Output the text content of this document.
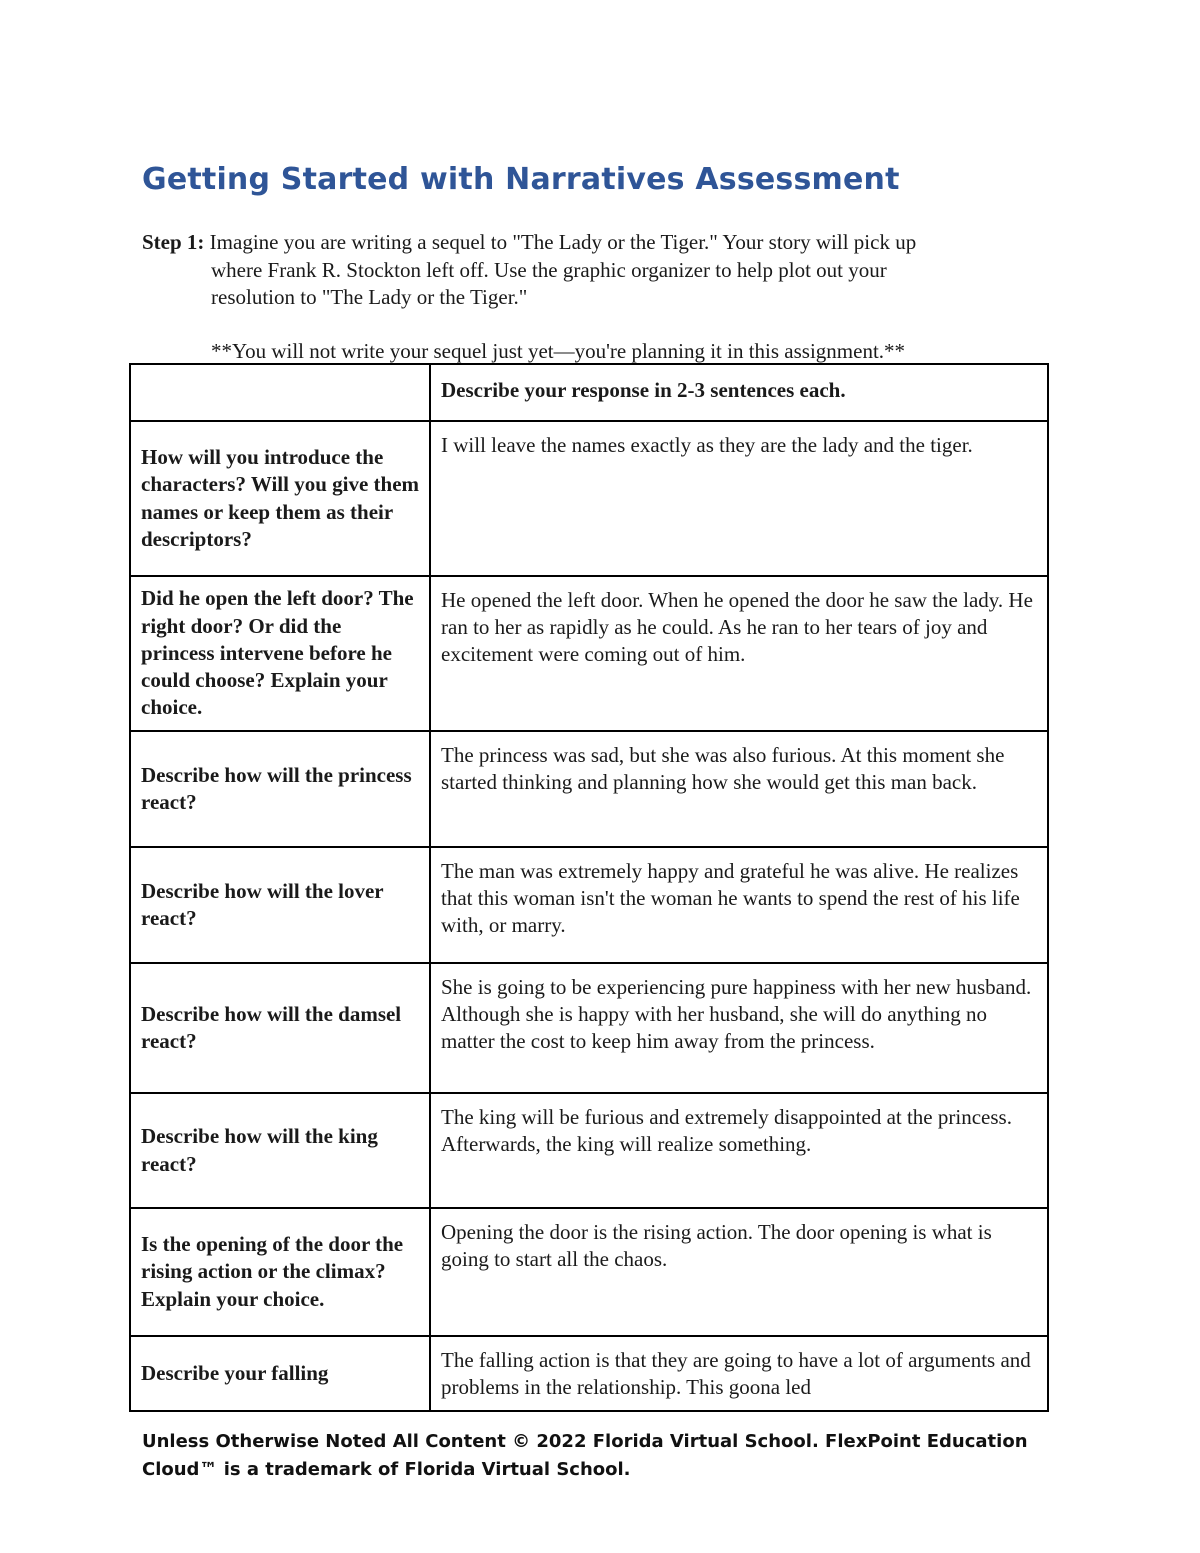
Getting Started with Narratives Assessment
Step 1: Imagine you are writing a sequel to "The Lady or the Tiger." Your story will pick up
where Frank R. Stockton left off. Use the graphic organizer to help plot out your
resolution to "The Lady or the Tiger."
**You will not write your sequel just yet—you're planning it in this assignment.**
	Describe your response in 2-3 sentences each.
How will you introduce the characters? Will you give them names or keep them as their descriptors?	I will leave the names exactly as they are the lady and the tiger.
Did he open the left door? The right door? Or did the princess intervene before he could choose? Explain your choice.	He opened the left door. When he opened the door he saw the lady. He ran to her as rapidly as he could. As he ran to her tears of joy and excitement were coming out of him.
Describe how will the princess react?	The princess was sad, but she was also furious. At this moment she started thinking and planning how she would get this man back.
Describe how will the lover react?	The man was extremely happy and grateful he was alive. He realizes that this woman isn't the woman he wants to spend the rest of his life with, or marry.
Describe how will the damsel react?	She is going to be experiencing pure happiness with her new husband. Although she is happy with her husband, she will do anything no matter the cost to keep him away from the princess.
Describe how will the king react?	The king will be furious and extremely disappointed at the princess. Afterwards, the king will realize something.
Is the opening of the door the rising action or the climax? Explain your choice.	Opening the door is the rising action. The door opening is what is going to start all the chaos.
Describe your falling	The falling action is that they are going to have a lot of arguments and problems in the relationship. This goona led
Unless Otherwise Noted All Content © 2022 Florida Virtual School. FlexPoint Education Cloud™ is a trademark of Florida Virtual School.
